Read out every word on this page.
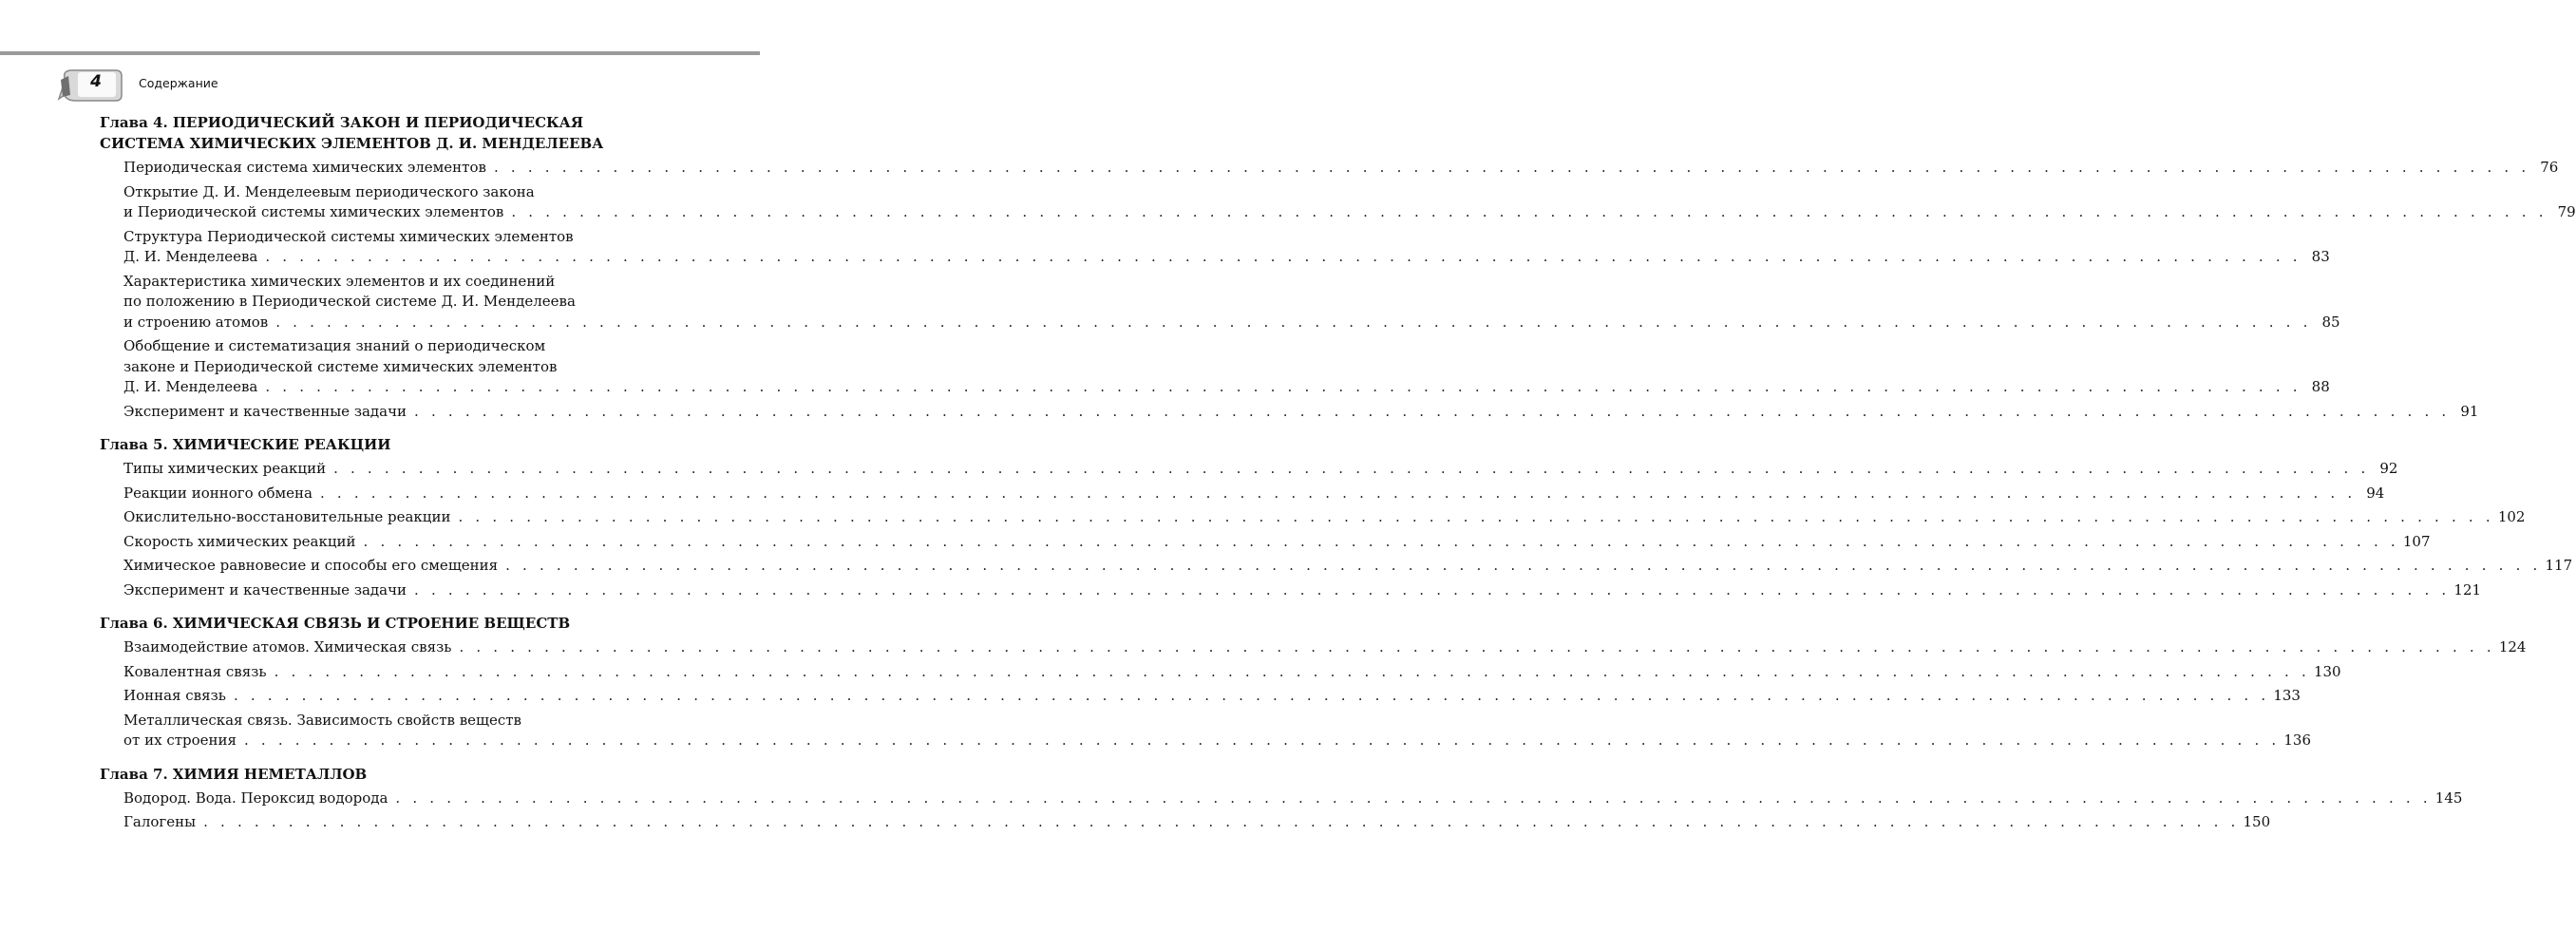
4	Содержание
Глава 4. ПЕРИОДИЧЕСКИЙ ЗАКОН И ПЕРИОДИЧЕСКАЯ
СИСТЕМА ХИМИЧЕСКИХ ЭЛЕМЕНТОВ Д. И. МЕНДЕЛЕЕВА
Периодическая система химических элементов . . . . . . . . . . . . . . . . . . . . . . . . . . . . . . . . . . . . . . . . . . . . . . . . . . . . . . . . . . . . . . . . . . . . . . . . . . . . . . . . . . . . . . . . . . . . . . . . . . . . . . . . . . . . . . . . . . . . . . . . 76
Открытие Д. И. Менделеевым периодического закона
и Периодической системы химических элементов . . . . . . . . . . . . . . . . . . . . . . . . . . . . . . . . . . . . . . . . . . . . . . . . . . . . . . . . . . . . . . . . . . . . . . . . . . . . . . . . . . . . . . . . . . . . . . . . . . . . . . . . . . . . . . . . . . . . . . . . 79
Структура Периодической системы химических элементов
Д. И. Менделеева . . . . . . . . . . . . . . . . . . . . . . . . . . . . . . . . . . . . . . . . . . . . . . . . . . . . . . . . . . . . . . . . . . . . . . . . . . . . . . . . . . . . . . . . . . . . . . . . . . . . . . . . . . . . . . . . . . . . . . . . 83
Характеристика химических элементов и их соединений
по положению в Периодической системе Д. И. Менделеева
и строению атомов . . . . . . . . . . . . . . . . . . . . . . . . . . . . . . . . . . . . . . . . . . . . . . . . . . . . . . . . . . . . . . . . . . . . . . . . . . . . . . . . . . . . . . . . . . . . . . . . . . . . . . . . . . . . . . . . . . . . . . . . 85
Обобщение и систематизация знаний о периодическом
законе и Периодической системе химических элементов
Д. И. Менделеева . . . . . . . . . . . . . . . . . . . . . . . . . . . . . . . . . . . . . . . . . . . . . . . . . . . . . . . . . . . . . . . . . . . . . . . . . . . . . . . . . . . . . . . . . . . . . . . . . . . . . . . . . . . . . . . . . . . . . . . . 88
Эксперимент и качественные задачи . . . . . . . . . . . . . . . . . . . . . . . . . . . . . . . . . . . . . . . . . . . . . . . . . . . . . . . . . . . . . . . . . . . . . . . . . . . . . . . . . . . . . . . . . . . . . . . . . . . . . . . . . . . . . . . . . . . . . . . . 91
Глава 5. ХИМИЧЕСКИЕ РЕАКЦИИ
Типы химических реакций . . . . . . . . . . . . . . . . . . . . . . . . . . . . . . . . . . . . . . . . . . . . . . . . . . . . . . . . . . . . . . . . . . . . . . . . . . . . . . . . . . . . . . . . . . . . . . . . . . . . . . . . . . . . . . . . . . . . . . . . 92
Реакции ионного обмена . . . . . . . . . . . . . . . . . . . . . . . . . . . . . . . . . . . . . . . . . . . . . . . . . . . . . . . . . . . . . . . . . . . . . . . . . . . . . . . . . . . . . . . . . . . . . . . . . . . . . . . . . . . . . . . . . . . . . . . . 94
Окислительно-восстановительные реакции . . . . . . . . . . . . . . . . . . . . . . . . . . . . . . . . . . . . . . . . . . . . . . . . . . . . . . . . . . . . . . . . . . . . . . . . . . . . . . . . . . . . . . . . . . . . . . . . . . . . . . . . . . . . . . . . . . . . . . . . 102
Скорость химических реакций . . . . . . . . . . . . . . . . . . . . . . . . . . . . . . . . . . . . . . . . . . . . . . . . . . . . . . . . . . . . . . . . . . . . . . . . . . . . . . . . . . . . . . . . . . . . . . . . . . . . . . . . . . . . . . . . . . . . . . . . 107
Химическое равновесие и способы его смещения . . . . . . . . . . . . . . . . . . . . . . . . . . . . . . . . . . . . . . . . . . . . . . . . . . . . . . . . . . . . . . . . . . . . . . . . . . . . . . . . . . . . . . . . . . . . . . . . . . . . . . . . . . . . . . . . . . . . . . . . 117
Эксперимент и качественные задачи . . . . . . . . . . . . . . . . . . . . . . . . . . . . . . . . . . . . . . . . . . . . . . . . . . . . . . . . . . . . . . . . . . . . . . . . . . . . . . . . . . . . . . . . . . . . . . . . . . . . . . . . . . . . . . . . . . . . . . . . 121
Глава 6. ХИМИЧЕСКАЯ СВЯЗЬ И СТРОЕНИЕ ВЕЩЕСТВ
Взаимодействие атомов. Химическая связь . . . . . . . . . . . . . . . . . . . . . . . . . . . . . . . . . . . . . . . . . . . . . . . . . . . . . . . . . . . . . . . . . . . . . . . . . . . . . . . . . . . . . . . . . . . . . . . . . . . . . . . . . . . . . . . . . . . . . . . . 124
Ковалентная связь . . . . . . . . . . . . . . . . . . . . . . . . . . . . . . . . . . . . . . . . . . . . . . . . . . . . . . . . . . . . . . . . . . . . . . . . . . . . . . . . . . . . . . . . . . . . . . . . . . . . . . . . . . . . . . . . . . . . . . . . 130
Ионная связь . . . . . . . . . . . . . . . . . . . . . . . . . . . . . . . . . . . . . . . . . . . . . . . . . . . . . . . . . . . . . . . . . . . . . . . . . . . . . . . . . . . . . . . . . . . . . . . . . . . . . . . . . . . . . . . . . . . . . . . . 133
Металлическая связь. Зависимость свойств веществ
от их строения . . . . . . . . . . . . . . . . . . . . . . . . . . . . . . . . . . . . . . . . . . . . . . . . . . . . . . . . . . . . . . . . . . . . . . . . . . . . . . . . . . . . . . . . . . . . . . . . . . . . . . . . . . . . . . . . . . . . . . . . 136
Глава 7. ХИМИЯ НЕМЕТАЛЛОВ
Водород. Вода. Пероксид водорода . . . . . . . . . . . . . . . . . . . . . . . . . . . . . . . . . . . . . . . . . . . . . . . . . . . . . . . . . . . . . . . . . . . . . . . . . . . . . . . . . . . . . . . . . . . . . . . . . . . . . . . . . . . . . . . . . . . . . . . . 145
Галогены . . . . . . . . . . . . . . . . . . . . . . . . . . . . . . . . . . . . . . . . . . . . . . . . . . . . . . . . . . . . . . . . . . . . . . . . . . . . . . . . . . . . . . . . . . . . . . . . . . . . . . . . . . . . . . . . . . . . . . . . 150
